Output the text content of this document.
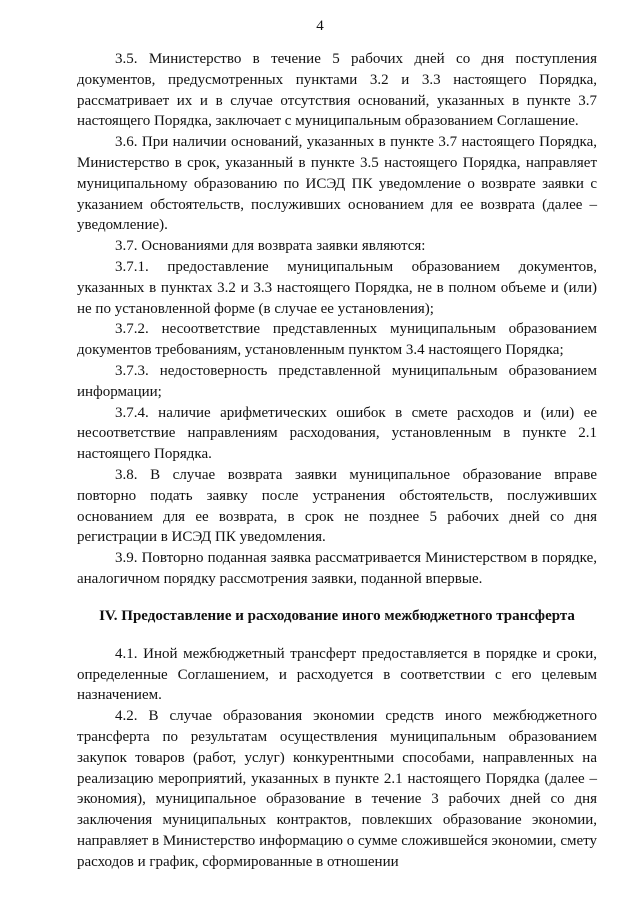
4

3.5. Министерство в течение 5 рабочих дней со дня поступления документов, предусмотренных пунктами 3.2 и 3.3 настоящего Порядка, рассматривает их и в случае отсутствия оснований, указанных в пункте 3.7 настоящего Порядка, заключает с муниципальным образованием Соглашение.

3.6. При наличии оснований, указанных в пункте 3.7 настоящего Порядка, Министерство в срок, указанный в пункте 3.5 настоящего Порядка, направляет муниципальному образованию по ИСЭД ПК уведомление о возврате заявки с указанием обстоятельств, послуживших основанием для ее возврата (далее – уведомление).

3.7. Основаниями для возврата заявки являются:

3.7.1. предоставление муниципальным образованием документов, указанных в пунктах 3.2 и 3.3 настоящего Порядка, не в полном объеме и (или) не по установленной форме (в случае ее установления);

3.7.2. несоответствие представленных муниципальным образованием документов требованиям, установленным пунктом 3.4 настоящего Порядка;

3.7.3. недостоверность представленной муниципальным образованием информации;

3.7.4. наличие арифметических ошибок в смете расходов и (или) ее несоответствие направлениям расходования, установленным в пункте 2.1 настоящего Порядка.

3.8. В случае возврата заявки муниципальное образование вправе повторно подать заявку после устранения обстоятельств, послуживших основанием для ее возврата, в срок не позднее 5 рабочих дней со дня регистрации в ИСЭД ПК уведомления.

3.9. Повторно поданная заявка рассматривается Министерством в порядке, аналогичном порядку рассмотрения заявки, поданной впервые.

IV. Предоставление и расходование иного межбюджетного трансферта

4.1. Иной межбюджетный трансферт предоставляется в порядке и сроки, определенные Соглашением, и расходуется в соответствии с его целевым назначением.

4.2. В случае образования экономии средств иного межбюджетного трансферта по результатам осуществления муниципальным образованием закупок товаров (работ, услуг) конкурентными способами, направленных на реализацию мероприятий, указанных в пункте 2.1 настоящего Порядка (далее – экономия), муниципальное образование в течение 3 рабочих дней со дня заключения муниципальных контрактов, повлекших образование экономии, направляет в Министерство информацию о сумме сложившейся экономии, смету расходов и график, сформированные в отношении
